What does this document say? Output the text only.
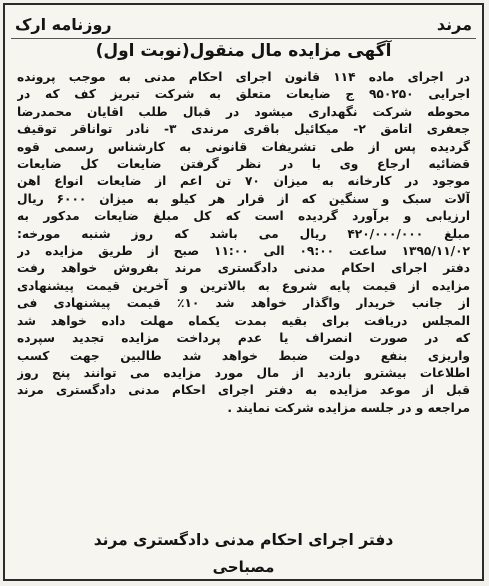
مرند
روزنامه ارک
آگهی مزایده مال منقول(نوبت اول)
در اجرای ماده ۱۱۴ قانون اجرای احکام مدنی به موجب پرونده
اجرایی ۹۵۰۲۵۰ ج ضایعات متعلق به شرکت تبریز کف که در
محوطه شرکت نگهداری میشود در قبال طلب اقایان محمدرضا
جعفری اتامق ۲- میکائیل باقری مرندی ۳- نادر تواناقر توقیف
گردیده پس از طی تشریفات قانونی به کارشناس رسمی قوه
قضائیه ارجاع وی با در نظر گرفتن ضایعات کل ضایعات
موجود در کارخانه به میزان ۷۰ تن اعم از ضایعات انواع اهن
آلات سبک و سنگین که از قرار هر کیلو به میزان ۶۰۰۰ ریال
ارزیابی و برآورد گردیده است که کل مبلغ ضایعات مدکور به
مبلغ ۴۲۰/۰۰۰/۰۰۰ ریال می باشد که روز شنبه مورخه:
۱۳۹۵/۱۱/۰۲ ساعت ۰۹:۰۰ الی ۱۱:۰۰ صبح از طریق مزایده در
دفتر اجرای احکام مدنی دادگستری مرند بفروش خواهد رفت
مزایده از قیمت پایه شروع به بالاترین و آخرین قیمت پیشنهادی
از جانب خریدار واگذار خواهد شد ۱۰٪ قیمت پیشنهادی فی
المجلس دریافت برای بقیه بمدت یکماه مهلت داده خواهد شد
که در صورت انصراف یا عدم پرداخت مزایده تجدید سپرده
واریزی بنفع دولت ضبط خواهد شد طالبین جهت کسب
اطلاعات بیشترو بازدید از مال مورد مزایده می توانند پنج روز
قبل از موعد مزایده به دفتر اجرای احکام مدنی دادگستری مرند
مراجعه و در جلسه مزایده شرکت نمایند .
دفتر اجرای احکام مدنی دادگستری مرند
مصباحی
